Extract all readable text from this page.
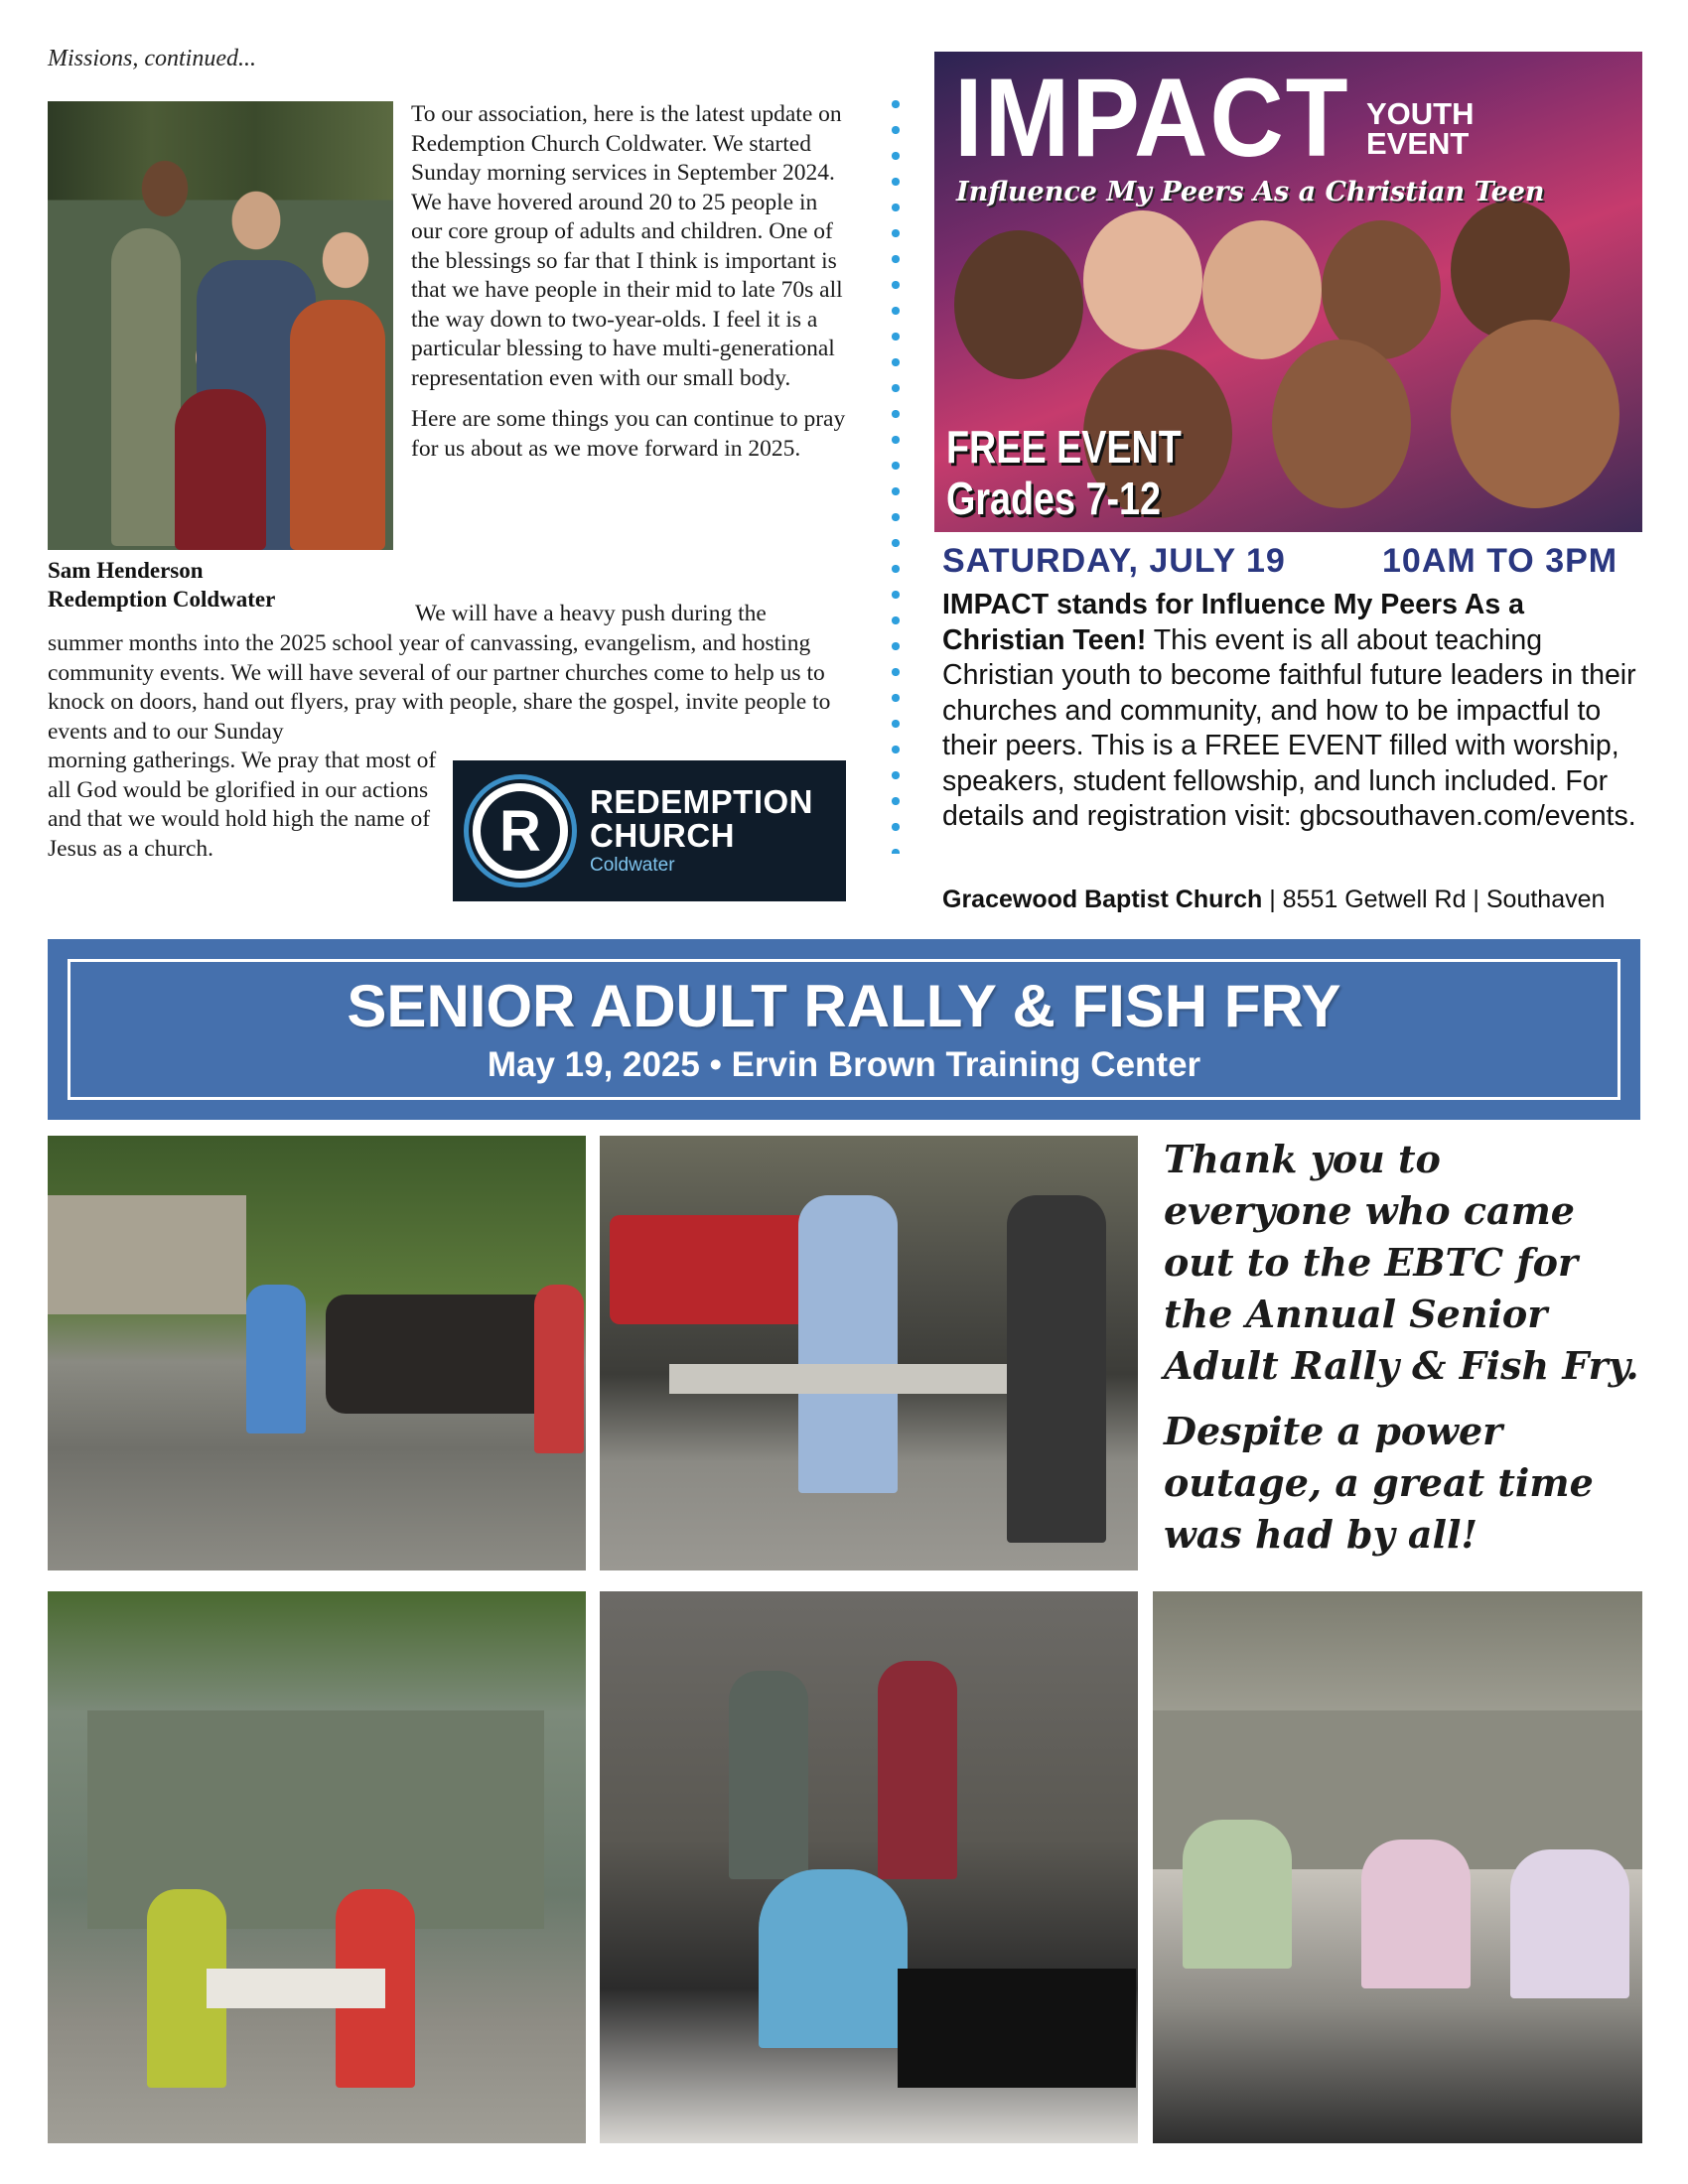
Missions, continued...
Sam Henderson
Redemption Coldwater

To our association, here is the latest update on Redemption Church Coldwater. We started Sunday morning services in September 2024. We have hovered around 20 to 25 people in our core group of adults and children. One of the blessings so far that I think is important is that we have people in their mid to late 70s all the way down to two-year-olds. I feel it is a particular blessing to have multi-generational representation even with our small body.

Here are some things you can continue to pray for us about as we move forward in 2025.

We will have a heavy push during the
summer months into the 2025 school year of canvassing, evangelism, and hosting community events. We will have several of our partner churches come to help us to knock on doors, hand out flyers, pray with people, share the gospel, invite people to events and to our Sunday
morning gatherings. We pray that most of all God would be glorified in our actions and that we would hold high the name of Jesus as a church.	R REDEMPTION
CHURCH
Coldwater
IMPACT YOUTH
EVENT
Influence My Peers As a Christian Teen
FREE EVENT
Grades 7-12
SATURDAY, JULY 19	10AM TO 3PM
IMPACT stands for Influence My Peers As a Christian Teen! This event is all about teaching Christian youth to become faithful future leaders in their churches and community, and how to be impactful to their peers. This is a FREE EVENT filled with worship, speakers, student fellowship, and lunch included. For details and registration visit: gbcsouthaven.com/events.
Gracewood Baptist Church | 8551 Getwell Rd | Southaven
SENIOR ADULT RALLY & FISH FRY
May 19, 2025 • Ervin Brown Training Center

Thank you to everyone who came out to the EBTC for the Annual Senior Adult Rally & Fish Fry.

Despite a power outage, a great time was had by all!
